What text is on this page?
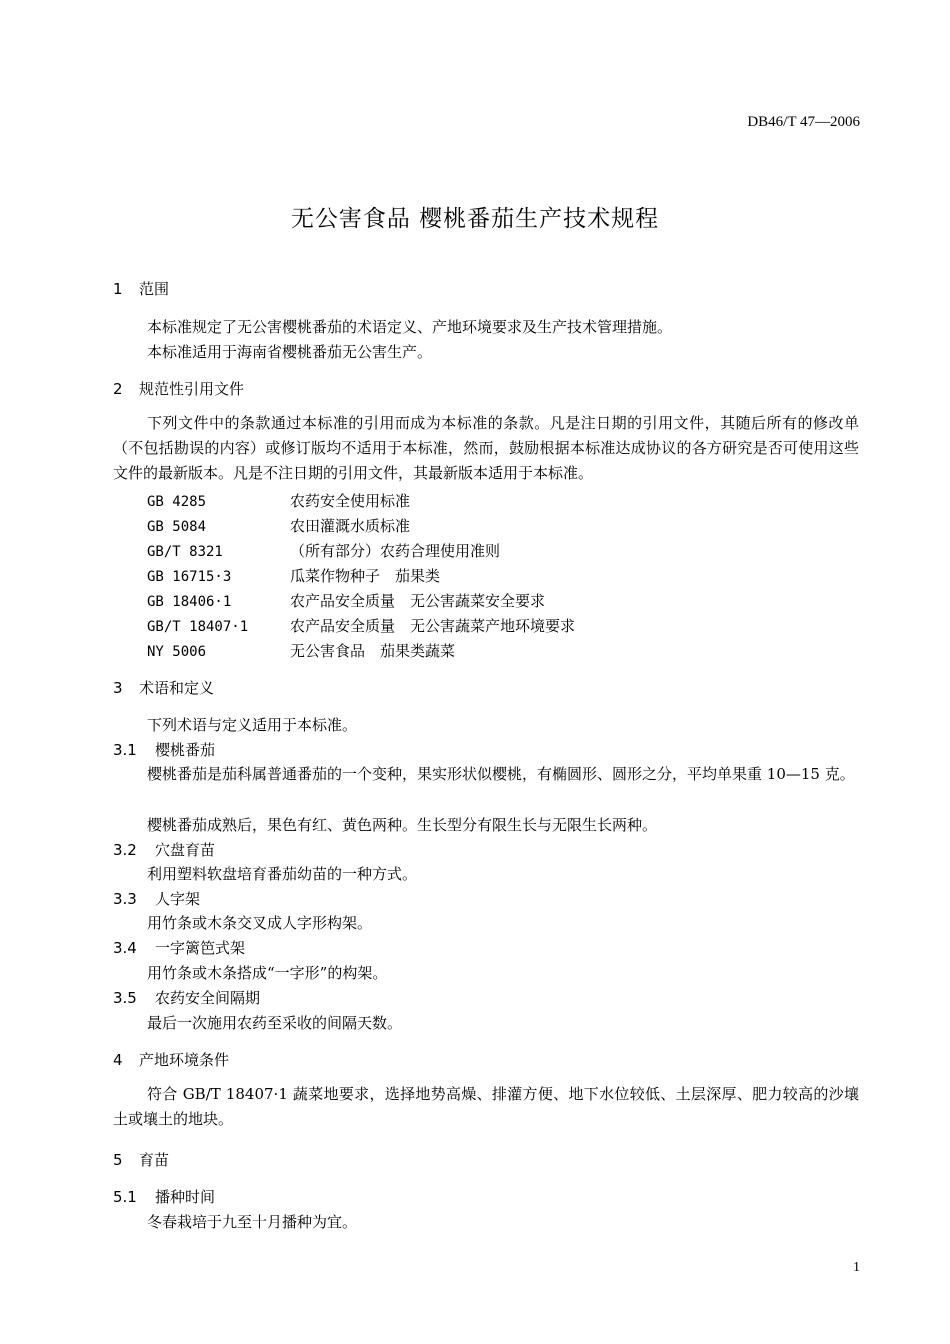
DB46/T 47—2006
无公害食品 樱桃番茄生产技术规程
1 范围
本标准规定了无公害樱桃番茄的术语定义、产地环境要求及生产技术管理措施。
本标准适用于海南省樱桃番茄无公害生产。
2 规范性引用文件
下列文件中的条款通过本标准的引用而成为本标准的条款。凡是注日期的引用文件，其随后所有的修改单（不包括勘误的内容）或修订版均不适用于本标准，然而，鼓励根据本标准达成协议的各方研究是否可使用这些文件的最新版本。凡是不注日期的引用文件，其最新版本适用于本标准。
GB 4285	农药安全使用标准
GB 5084	农田灌溉水质标准
GB/T 8321	（所有部分）农药合理使用准则
GB 16715·3	瓜菜作物种子　茄果类
GB 18406·1	农产品安全质量　无公害蔬菜安全要求
GB/T 18407·1	农产品安全质量　无公害蔬菜产地环境要求
NY 5006	无公害食品　茄果类蔬菜
3 术语和定义
下列术语与定义适用于本标准。
3.1 樱桃番茄
樱桃番茄是茄科属普通番茄的一个变种，果实形状似樱桃，有椭圆形、圆形之分，平均单果重 10—15 克。
樱桃番茄成熟后，果色有红、黄色两种。生长型分有限生长与无限生长两种。
3.2 穴盘育苗
利用塑料软盘培育番茄幼苗的一种方式。
3.3 人字架
用竹条或木条交叉成人字形构架。
3.4 一字篱笆式架
用竹条或木条搭成“一字形”的构架。
3.5 农药安全间隔期
最后一次施用农药至采收的间隔天数。
4 产地环境条件
符合 GB/T 18407·1 蔬菜地要求，选择地势高燥、排灌方便、地下水位较低、土层深厚、肥力较高的沙壤土或壤土的地块。
5 育苗
5.1 播种时间
冬春栽培于九至十月播种为宜。
1
